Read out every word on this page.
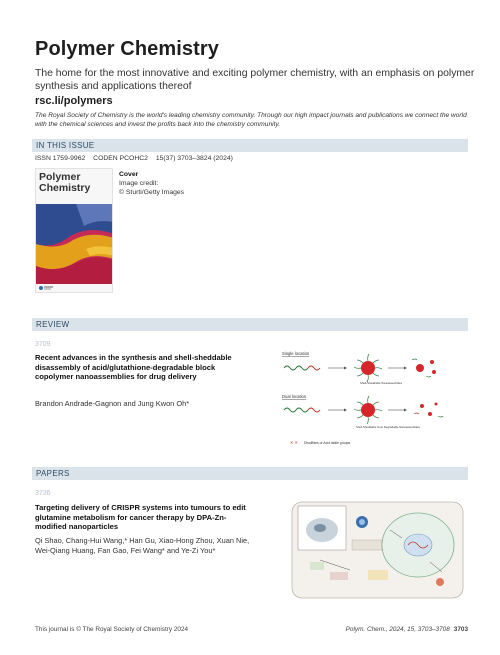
Polymer Chemistry
The home for the most innovative and exciting polymer chemistry, with an emphasis on polymer synthesis and applications thereof
rsc.li/polymers
The Royal Society of Chemistry is the world's leading chemistry community. Through our high impact journals and publications we connect the world with the chemical sciences and invest the profits back into the chemistry community.
IN THIS ISSUE
ISSN 1759-9962 CODEN PCOHC2 15(37) 3703–3824 (2024)
Polymer
Chemistry
Cover
Image credit:
© Sturti/Getty Images
REVIEW
3709
Recent advances in the synthesis and shell-sheddable disassembly of acid/glutathione-degradable block copolymer nanoassemblies for drug delivery
Brandon Andrade-Gagnon and Jung Kwon Oh*
Single location
Shell-Sheddable Nanoassemblies
Dual location
Shell Sheddable Core Degradable Nanoassemblies
✕ ✕ Disulfides or Acid labile groups
PAPERS
3736
Targeting delivery of CRISPR systems into tumours to edit glutamine metabolism for cancer therapy by DPA-Zn-modified nanoparticles
Qi Shao, Chang-Hui Wang,* Han Gu, Xiao-Hong Zhou, Xuan Nie, Wei-Qiang Huang, Fan Gao, Fei Wang* and Ye-Zi You*
This journal is © The Royal Society of Chemistry 2024	Polym. Chem., 2024, 15, 3703–3708 3703
